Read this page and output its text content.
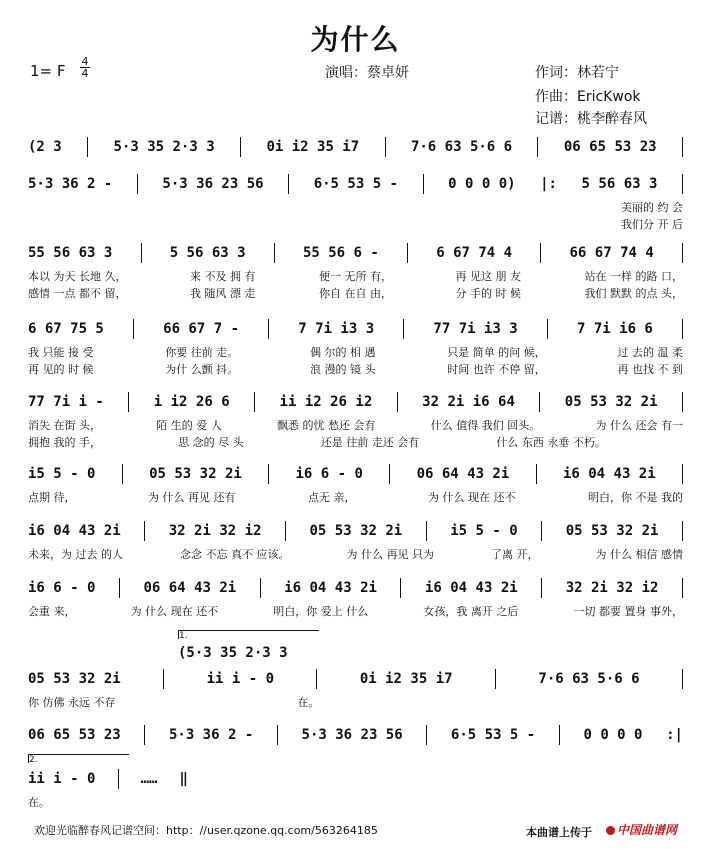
为什么
1= F
4
4	演唱：蔡卓妍	作词：林若宁
作曲：EricKwok
记谱：桃李醉春风
(2 3	5·3 35 2·3 3	0i i2 35 i7	7·6 63 5·6 6	06 65 53 23
5·3 36 2 -	5·3 36 23 56	6·5 53 5 -	0 0 0 0) |: 5 56 63 3
美丽的 约 会
我们分 开 后
55 56 63 3	5 56 63 3	55 56 6 -	6 67 74 4	66 67 74 4
本以 为天 长地 久，	来 不及 拥 有	便一 无所 有，	再 见这 朋 友	站在 一样 的路 口，
感情 一点 都不 留，	我 随风 漂 走	你自 在自 由，	分 手的 时 候	我们 默默 的点 头，
6 67 75 5	66 67 7 -	7 7i i3 3	77 7i i3 3	7 7i i6 6
我 只能 接 受	你要 往前 走。	偶 尔的 相 遇	只是 简单 的问 候，	过 去的 温 柔
再 见的 时 候	为什 么颤 抖。	浪 漫的 镜 头	时间 也许 不停 留，	再 也找 不 到
77 7i i -	i i2 26 6	ii i2 26 i2	32 2i i6 64	05 53 32 2i
消失 在街 头，	陌 生的 爱 人	飘悉 的忧 愁还 会有	什么 值得 我们 回头。	为 什么 还会 有一
拥抱 我的 手，	思 念的 尽 头	还是 往前 走还 会有	什么 东西 永垂 不朽。
i5 5 - 0	05 53 32 2i	i6 6 - 0	06 64 43 2i	i6 04 43 2i
点期 待，	为 什么 再见 还有	点无 亲，	为 什么 现在 还不	明白，你 不是 我的
i6 04 43 2i	32 2i 32 i2	05 53 32 2i	i5 5 - 0	05 53 32 2i
未来，为 过去 的人	念念 不忘 真不 应该。	为 什么 再见 只为	了离 开，	为 什么 相信 感情
i6 6 - 0	06 64 43 2i	i6 04 43 2i	i6 04 43 2i	32 2i 32 i2
会重 来，	为 什么 现在 还不	明白，你 爱上 什么	女孩，我 离开 之后	一切 都要 置身 事外，
(5·3 35 2·3 3
1.
05 53 32 2i	ii i - 0	0i i2 35 i7	7·6 63 5·6 6
你 仿佛 永远 不存	在。
06 65 53 23	5·3 36 2 -	5·3 36 23 56	6·5 53 5 -	0 0 0 0 :|
2.
ii i - 0	…… ‖
在。
欢迎光临醉春风记谱空间：http：//user.qzone.qq.com/563264185	本曲谱上传于	中国曲谱网
